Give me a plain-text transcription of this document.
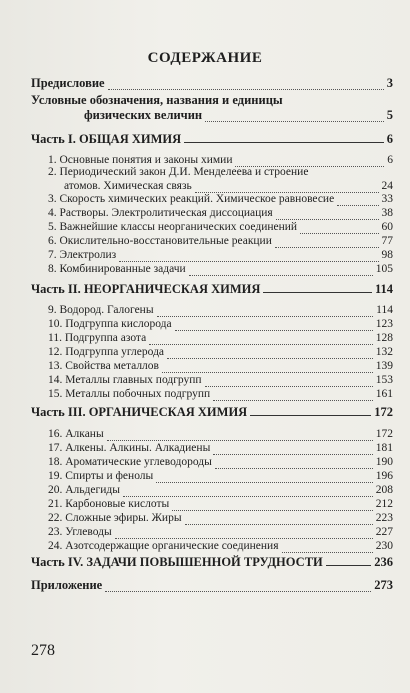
СОДЕРЖАНИЕ
Предисловие	3
Условные обозначения, названия и единицы
физических величин	5
Часть I. ОБЩАЯ ХИМИЯ	6
1. Основные понятия и законы химии	6
2. Периодический закон Д.И. Менделеева и строение
атомов. Химическая связь	24
3. Скорость химических реакций. Химическое равновесие	33
4. Растворы. Электролитическая диссоциация	38
5. Важнейшие классы неорганических соединений	60
6. Окислительно-восстановительные реакции	77
7. Электролиз	98
8. Комбинированные задачи	105
Часть II. НЕОРГАНИЧЕСКАЯ ХИМИЯ	114
9. Водород. Галогены	114
10. Подгруппа кислорода	123
11. Подгруппа азота	128
12. Подгруппа углерода	132
13. Свойства металлов	139
14. Металлы главных подгрупп	153
15. Металлы побочных подгрупп	161
Часть III. ОРГАНИЧЕСКАЯ ХИМИЯ	172
16. Алканы	172
17. Алкены. Алкины. Алкадиены	181
18. Ароматические углеводороды	190
19. Спирты и фенолы	196
20. Альдегиды	208
21. Карбоновые кислоты	212
22. Сложные эфиры. Жиры	223
23. Углеводы	227
24. Азотсодержащие органические соединения	230
Часть IV. ЗАДАЧИ ПОВЫШЕННОЙ ТРУДНОСТИ	236
Приложение	273
278
